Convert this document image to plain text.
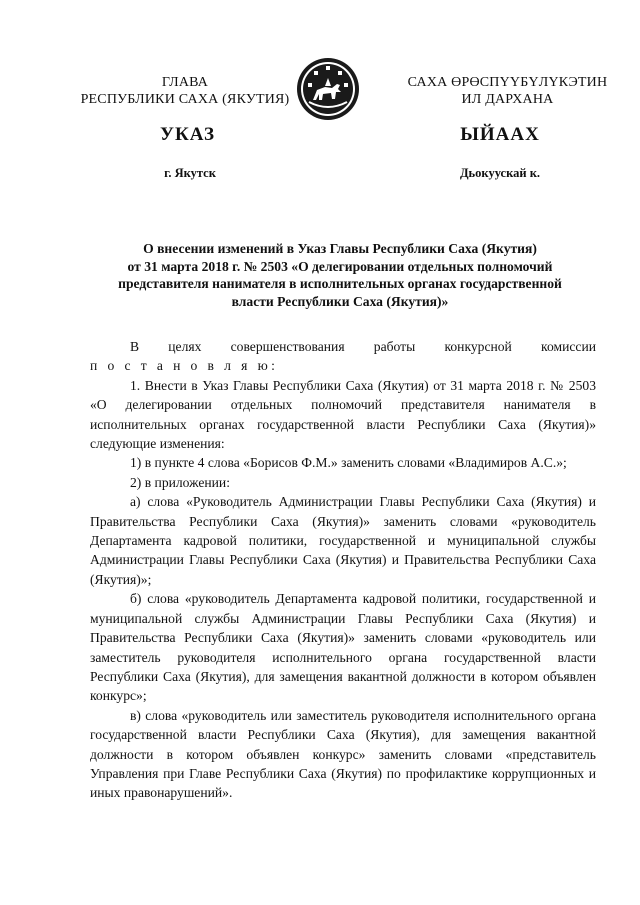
ГЛАВА
РЕСПУБЛИКИ САХА (ЯКУТИЯ)
САХА ӨРӨСПҮҮБҮЛҮКЭТИН
ИЛ ДАРХАНА
УКАЗ	ЫЙААХ
г. Якутск	Дьокуускай к.
О внесении изменений в Указ Главы Республики Саха (Якутия)
от 31 марта 2018 г. № 2503 «О делегировании отдельных полномочий
представителя нанимателя в исполнительных органах государственной
власти Республики Саха (Якутия)»

В целях совершенствования работы конкурсной комиссии

п о с т а н о в л я ю:

1. Внести в Указ Главы Республики Саха (Якутия) от 31 марта 2018 г. № 2503 «О делегировании отдельных полномочий представителя нанимателя в исполнительных органах государственной власти Республики Саха (Якутия)» следующие изменения:

1) в пункте 4 слова «Борисов Ф.М.» заменить словами «Владимиров А.С.»;

2) в приложении:

а) слова «Руководитель Администрации Главы Республики Саха (Якутия) и Правительства Республики Саха (Якутия)» заменить словами «руководитель Департамента кадровой политики, государственной и муниципальной службы Администрации Главы Республики Саха (Якутия) и Правительства Республики Саха (Якутия)»;

б) слова «руководитель Департамента кадровой политики, государственной и муниципальной службы Администрации Главы Республики Саха (Якутия) и Правительства Республики Саха (Якутия)» заменить словами «руководитель или заместитель руководителя исполнительного органа государственной власти Республики Саха (Якутия), для замещения вакантной должности в котором объявлен конкурс»;

в) слова «руководитель или заместитель руководителя исполнительного органа государственной власти Республики Саха (Якутия), для замещения вакантной должности в котором объявлен конкурс» заменить словами «представитель Управления при Главе Республики Саха (Якутия) по профилактике коррупционных и иных правонарушений».
